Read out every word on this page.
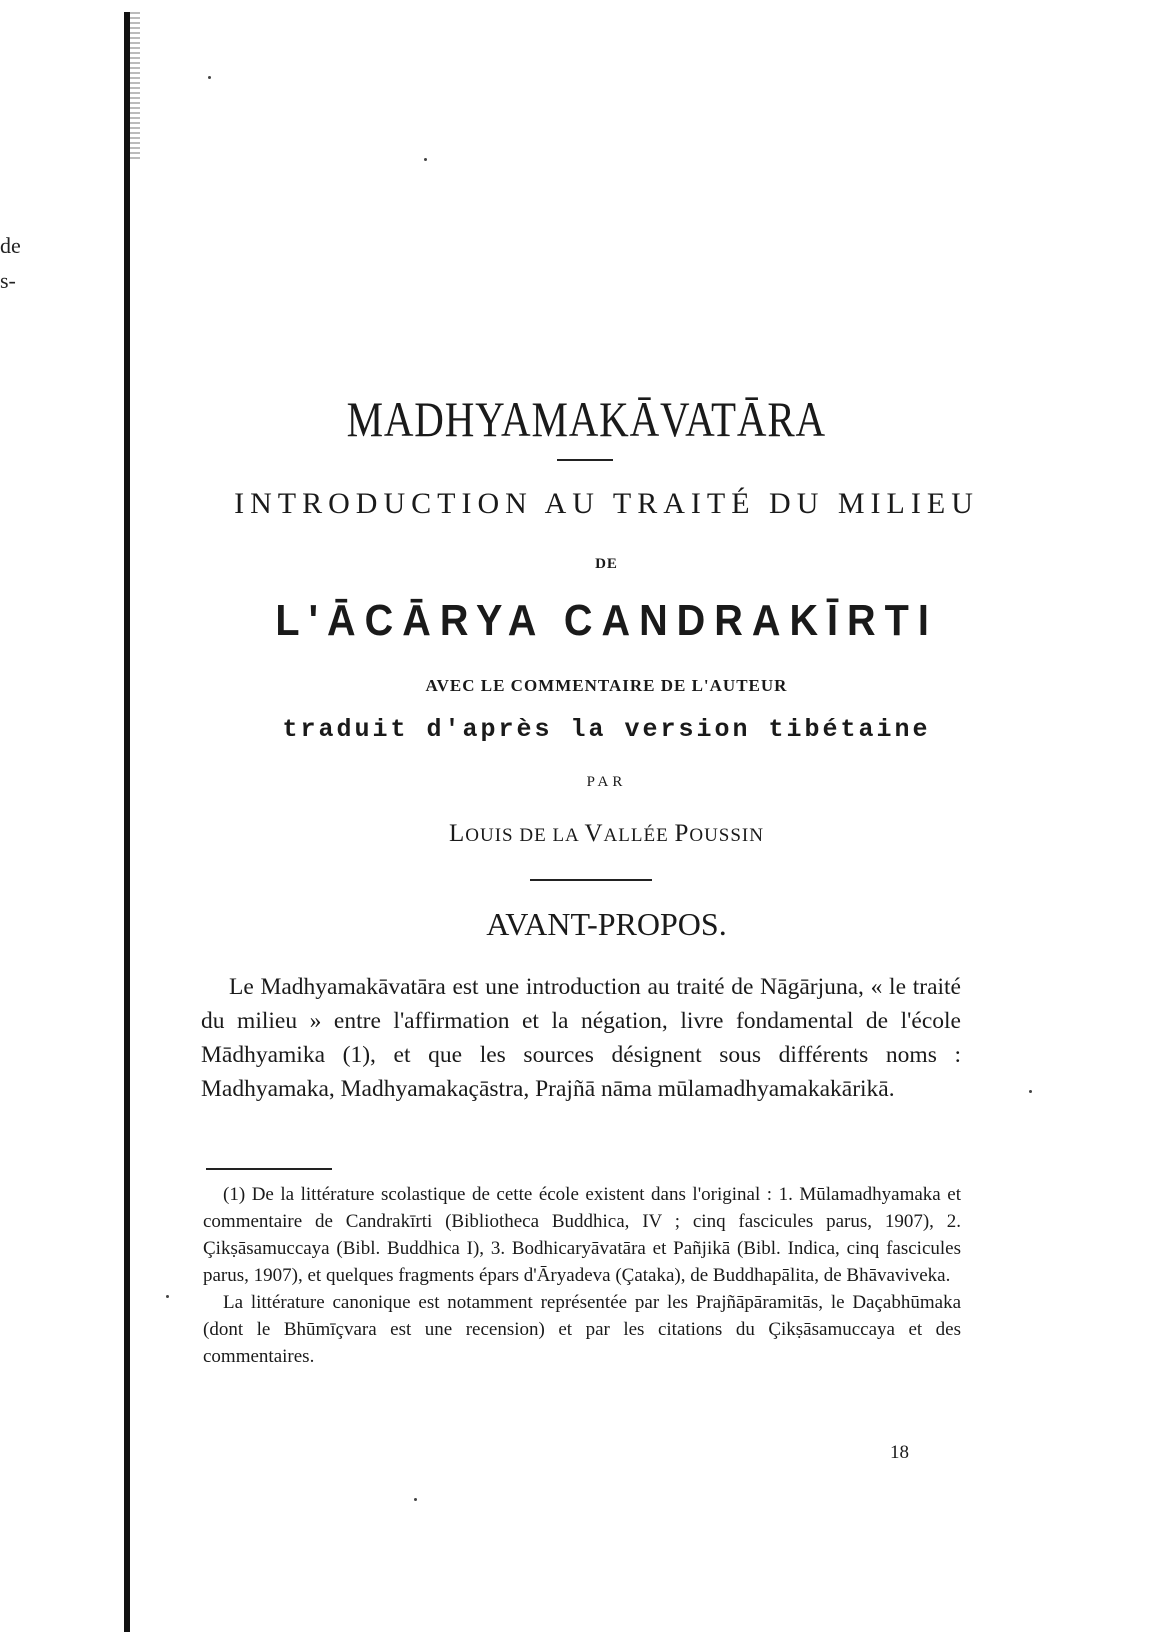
de
s-
MADHYAMAKĀVATĀRA
INTRODUCTION AU TRAITÉ DU MILIEU
DE
L'ĀCĀRYA CANDRAKĪRTI
AVEC LE COMMENTAIRE DE L'AUTEUR
traduit d'après la version tibétaine
PAR
LOUIS DE LA VALLÉE POUSSIN
AVANT-PROPOS.

Le Madhyamakāvatāra est une introduction au traité de Nāgārjuna, « le traité du milieu » entre l'affirmation et la négation, livre fondamental de l'école Mādhyamika (1), et que les sources désignent sous différents noms : Madhyamaka, Madhyamakaçāstra, Prajñā nāma mūlamadhyamakakārikā.

(1) De la littérature scolastique de cette école existent dans l'original : 1. Mūlamadhyamaka et commentaire de Candrakīrti (Bibliotheca Buddhica, IV ; cinq fascicules parus, 1907), 2. Çikṣāsamuccaya (Bibl. Buddhica I), 3. Bodhicaryāvatāra et Pañjikā (Bibl. Indica, cinq fascicules parus, 1907), et quelques fragments épars d'Āryadeva (Çataka), de Buddhapālita, de Bhāvaviveka.

La littérature canonique est notamment représentée par les Prajñāpāramitās, le Daçabhūmaka (dont le Bhūmīçvara est une recension) et par les citations du Çikṣāsamuccaya et des commentaires.

18
